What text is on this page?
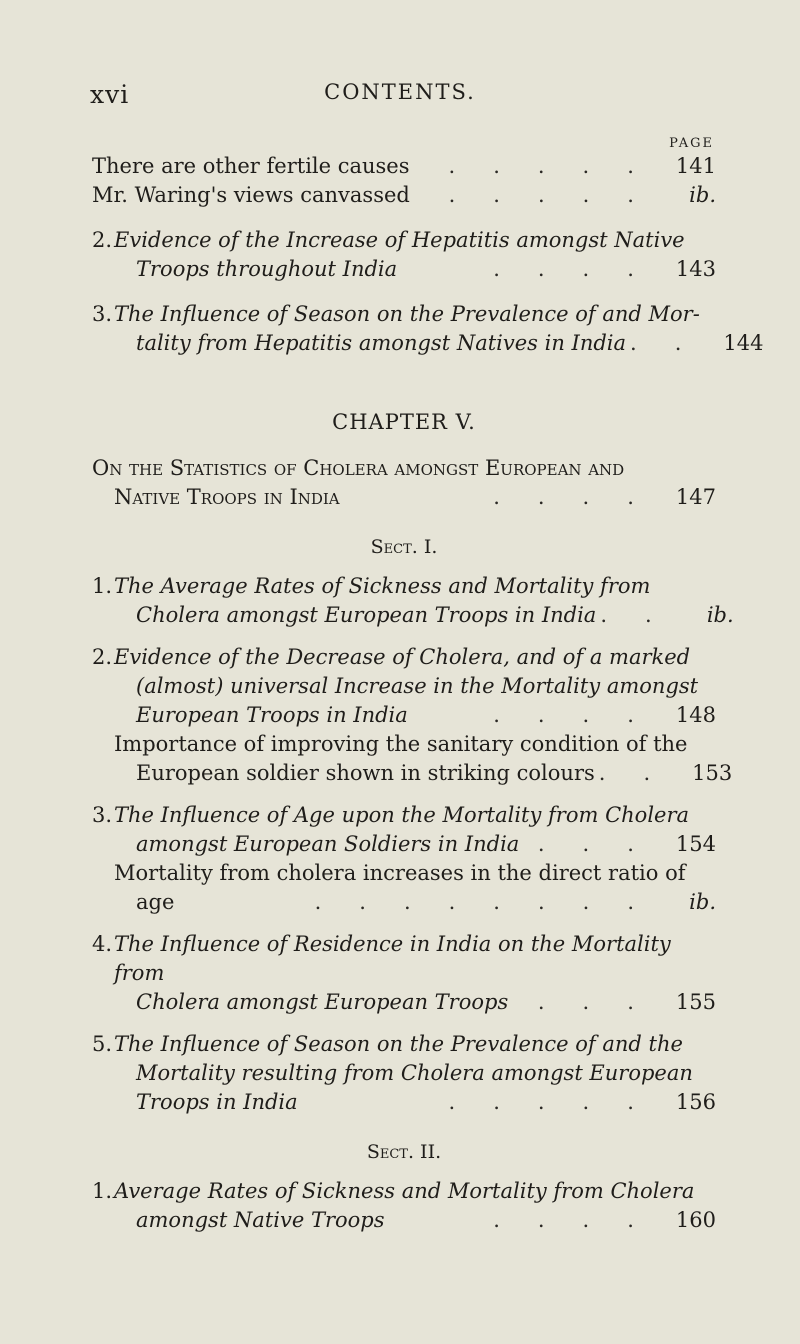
xvi	CONTENTS.
PAGE
There are other fertile causes	..... 141
Mr. Waring's views canvassed	..... ib.
2. Evidence of the Increase of Hepatitis amongst Native
Troops throughout India	.... 143
3. The Influence of Season on the Prevalence of and Mor-
tality from Hepatitis amongst Natives in India .. 144
CHAPTER V.
On the Statistics of Cholera amongst European and
Native Troops in India	.... 147
Sect. I.
1. The Average Rates of Sickness and Mortality from
Cholera amongst European Troops in India .. ib.
2. Evidence of the Decrease of Cholera, and of a marked
(almost) universal Increase in the Mortality amongst
European Troops in India	.... 148
Importance of improving the sanitary condition of the
European soldier shown in striking colours .. 153
3. The Influence of Age upon the Mortality from Cholera
amongst European Soldiers in India ... 154
Mortality from cholera increases in the direct ratio of
age	........ ib.
4. The Influence of Residence in India on the Mortality from
Cholera amongst European Troops	... 155
5. The Influence of Season on the Prevalence of and the
Mortality resulting from Cholera amongst European
Troops in India	..... 156
Sect. II.
1. Average Rates of Sickness and Mortality from Cholera
amongst Native Troops	.... 160
